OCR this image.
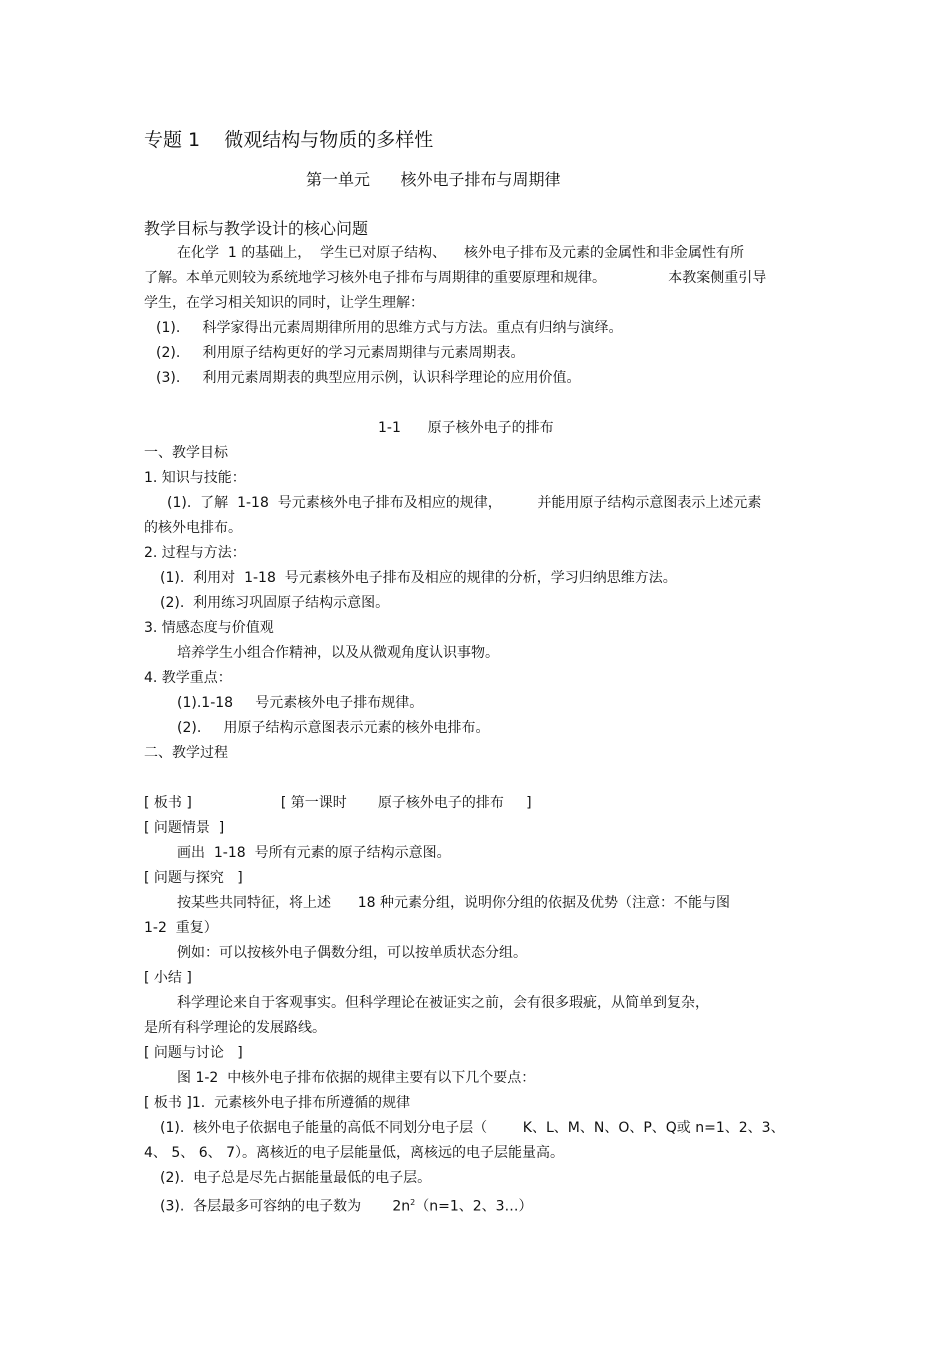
专题 1    微观结构与物质的多样性
第一单元      核外电子排布与周期律
教学目标与教学设计的核心问题
在化学  1 的基础上，  学生已对原子结构、    核外电子排布及元素的金属性和非金属性有所
了解。本单元则较为系统地学习核外电子排布与周期律的重要原理和规律。              本教案侧重引导
学生，在学习相关知识的同时，让学生理解：
(1).     科学家得出元素周期律所用的思维方式与方法。重点有归纳与演绎。
(2).     利用原子结构更好的学习元素周期律与元素周期表。
(3).     利用元素周期表的典型应用示例，认识科学理论的应用价值。
1-1      原子核外电子的排布
一、教学目标
1. 知识与技能：
(1).  了解  1-18  号元素核外电子排布及相应的规律，        并能用原子结构示意图表示上述元素
的核外电排布。
2. 过程与方法：
(1).  利用对  1-18  号元素核外电子排布及相应的规律的分析，学习归纳思维方法。
(2).  利用练习巩固原子结构示意图。
3. 情感态度与价值观
培养学生小组合作精神，以及从微观角度认识事物。
4. 教学重点：
(1).1-18     号元素核外电子排布规律。
(2).     用原子结构示意图表示元素的核外电排布。
二、教学过程
[ 板书 ]                    [ 第一课时       原子核外电子的排布     ]
[ 问题情景  ]
画出  1-18  号所有元素的原子结构示意图。
[ 问题与探究   ]
按某些共同特征，将上述      18 种元素分组，说明你分组的依据及优势（注意：不能与图
1-2  重复）
例如：可以按核外电子偶数分组，可以按单质状态分组。
[ 小结 ]
科学理论来自于客观事实。但科学理论在被证实之前，会有很多瑕疵，从简单到复杂，
是所有科学理论的发展路线。
[ 问题与讨论   ]
图 1-2  中核外电子排布依据的规律主要有以下几个要点：
[ 板书 ]1.  元素核外电子排布所遵循的规律
(1).  核外电子依据电子能量的高低不同划分电子层（        K、L、M、N、O、P、Q或 n=1、2、3、
4、 5、 6、 7）。离核近的电子层能量低，离核远的电子层能量高。
(2).  电子总是尽先占据能量最低的电子层。
(3).  各层最多可容纳的电子数为       $2n^2(n=1$、2、3…）
